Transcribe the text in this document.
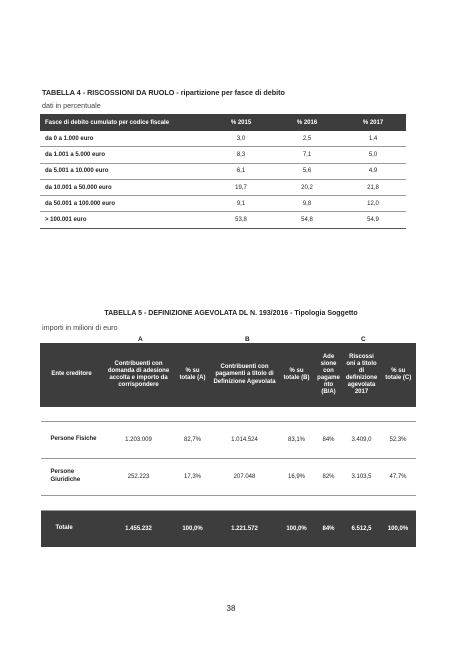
TABELLA 4 - RISCOSSIONI DA RUOLO - ripartizione per fasce di debito
dati in percentuale
Fasce di debito cumulato per codice fiscale	% 2015	% 2016	% 2017
da 0 a 1.000 euro	3,0	2,5	1,4
da 1.001 a 5.000 euro	8,3	7,1	5,0
da 5.001 a 10.000 euro	6,1	5,6	4,9
da 10.001 a 50.000 euro	19,7	20,2	21,8
da 50.001 a 100.000 euro	9,1	9,8	12,0
> 100.001 euro	53,8	54,8	54,9
TABELLA 5 - DEFINIZIONE AGEVOLATA DL N. 193/2016 - Tipologia Soggetto
importi in milioni di euro
A	B	C
Ente creditore	Contribuenti con domanda di adesione accolta e importo da corrispondere	% su totale (A)	Contribuenti con pagamenti a titolo di Definizione Agevolata	% su totale (B)	Ade sione con pagame nto (B/A)	Riscossi oni a titolo di definizione agevolata 2017	% su totale (C)

Persone Fisiche	1.203.009	82,7%	1.014.524	83,1%	84%	3.409,0	52,3%
Persone Giuridiche	252.223	17,3%	207.048	16,9%	82%	3.103,5	47,7%

Totale	1.455.232	100,0%	1.221.572	100,0%	84%	6.512,5	100,0%
38
